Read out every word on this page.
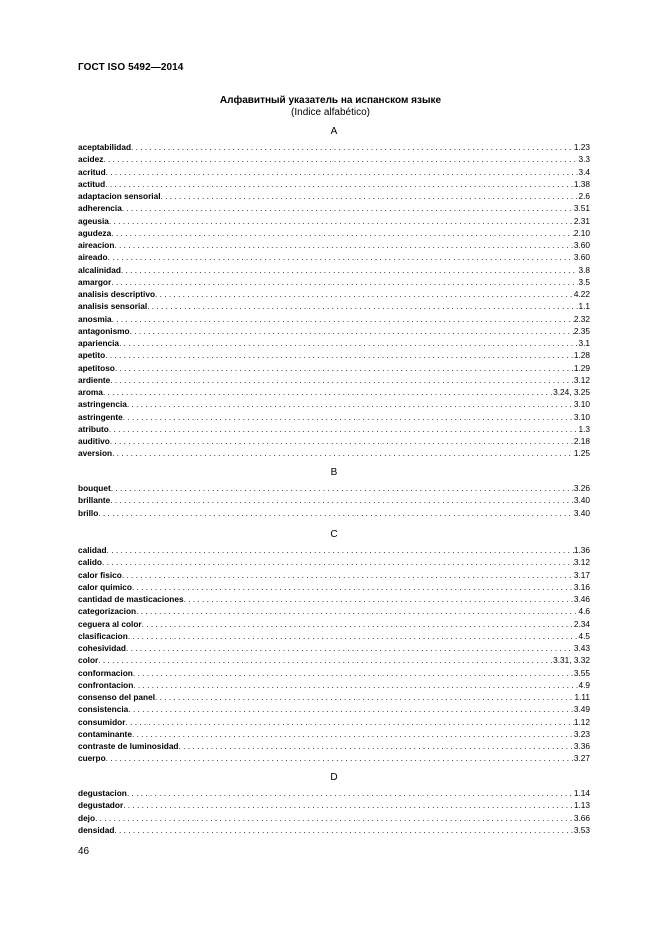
ГОСТ ISO 5492—2014
Алфавитный указатель на испанском языке
(Indice alfabético)
A
aceptabilidad . . .	1.23
acidez . . .	3.3
acritud . . .	3.4
actitud . . .	1.38
adaptacion sensorial . . .	2.6
adherencia . . .	3.51
ageusia . . .	2.31
agudeza . . .	2.10
aireacion . . .	3.60
aireado . . .	3.60
alcalinidad . . .	3.8
amargor . . .	3.5
analisis descriptivo . . .	4.22
analisis sensorial . . .	1.1
anosmia . . .	2.32
antagonismo . . .	2.35
apariencia . . .	3.1
apetito . . .	1.28
apetitoso . . .	1.29
ardiente . . .	3.12
aroma . . .	3.24, 3.25
astringencia . . .	3.10
astringente . . .	3.10
atributo . . .	1.3
auditivo . . .	2.18
aversion . . .	1.25
B
bouquet . . .	3.26
brillante . . .	3.40
brillo . . .	3.40
C
calidad . . .	1.36
calido . . .	3.12
calor fisico . . .	3.17
calor quimico . . .	3.16
cantidad de masticaciones . . .	3.46
categorizacion . . .	4.6
ceguera al color . . .	2.34
clasificacion . . .	4.5
cohesividad . . .	3.43
color . . .	3.31, 3.32
conformacion . . .	3.55
confrontacion . . .	4.9
consenso del panel . . .	1.11
consistencia . . .	3.49
consumidor . . .	1.12
contaminante . . .	3.23
contraste de luminosidad . . .	3.36
cuerpo . . .	3.27
D
degustacion . . .	1.14
degustador . . .	1.13
dejo . . .	3.66
densidad . . .	3.53
46
